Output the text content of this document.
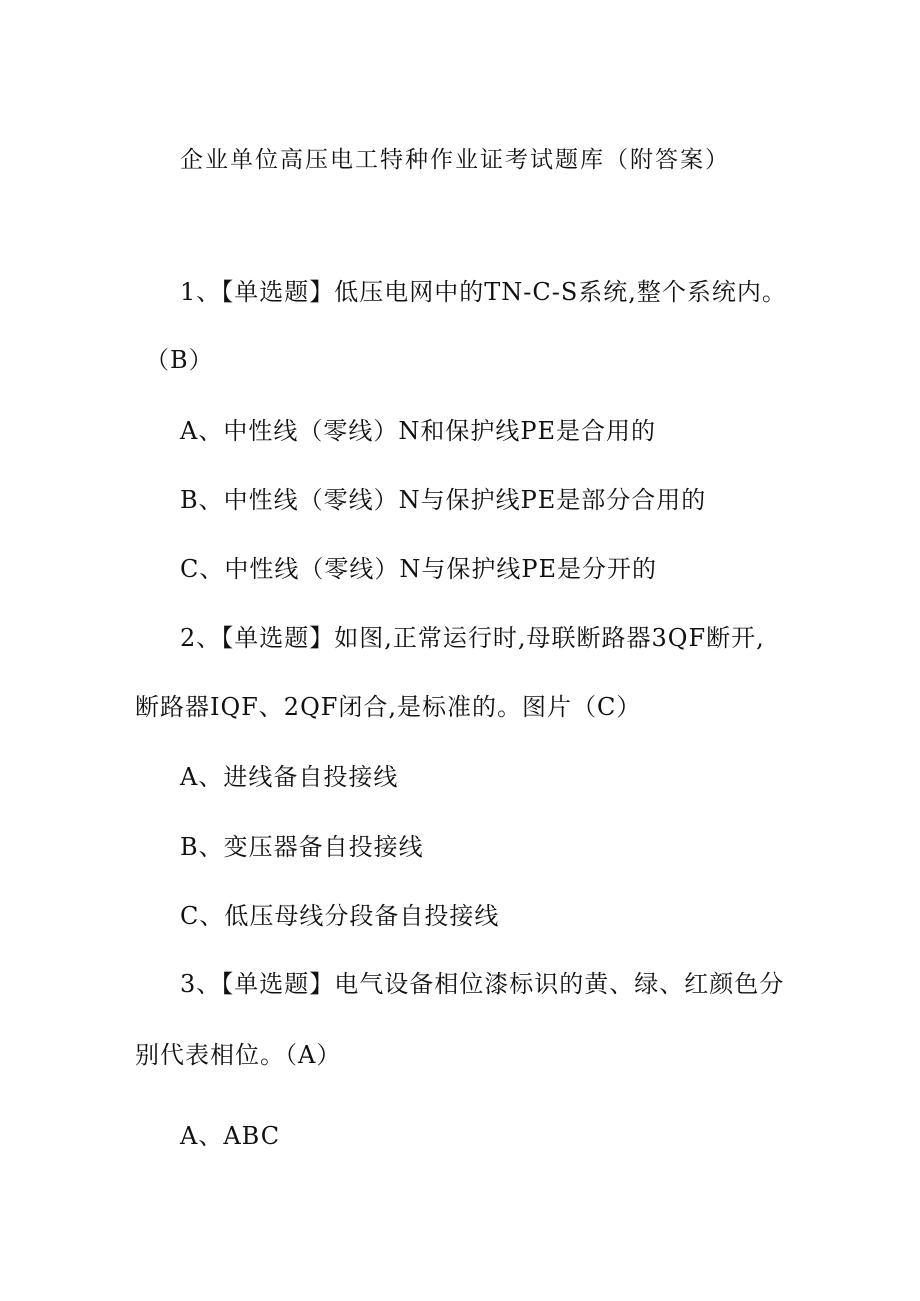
企业单位高压电工特种作业证考试题库（附答案）
1、【单选题】低压电网中的TN-C-S系统,整个系统内。
（B）
A、中性线（零线）N和保护线PE是合用的
B、中性线（零线）N与保护线PE是部分合用的
C、中性线（零线）N与保护线PE是分开的
2、【单选题】如图,正常运行时,母联断路器3QF断开,
断路器IQF、2QF闭合,是标准的。图片（C）
A、进线备自投接线
B、变压器备自投接线
C、低压母线分段备自投接线
3、【单选题】电气设备相位漆标识的黄、绿、红颜色分
别代表相位。（A）
A、ABC
